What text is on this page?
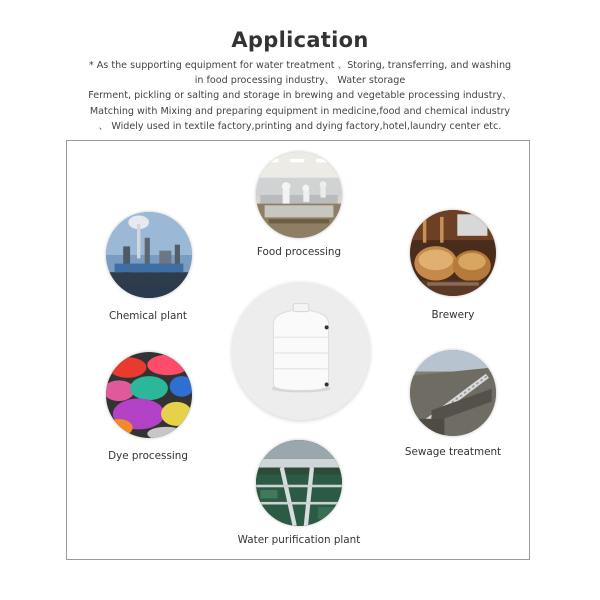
Application
* As the supporting equipment for water treatment 、Storing, transferring, and washing
in food processing industry、 Water storage
Ferment, pickling or salting and storage in brewing and vegetable processing industry、
Matching with Mixing and preparing equipment in medicine,food and chemical industry
、 Widely used in textile factory,printing and dying factory,hotel,laundry center etc.
Food processing
Chemical plant	Brewery
Dye processing	Sewage treatment
Water purification plant
